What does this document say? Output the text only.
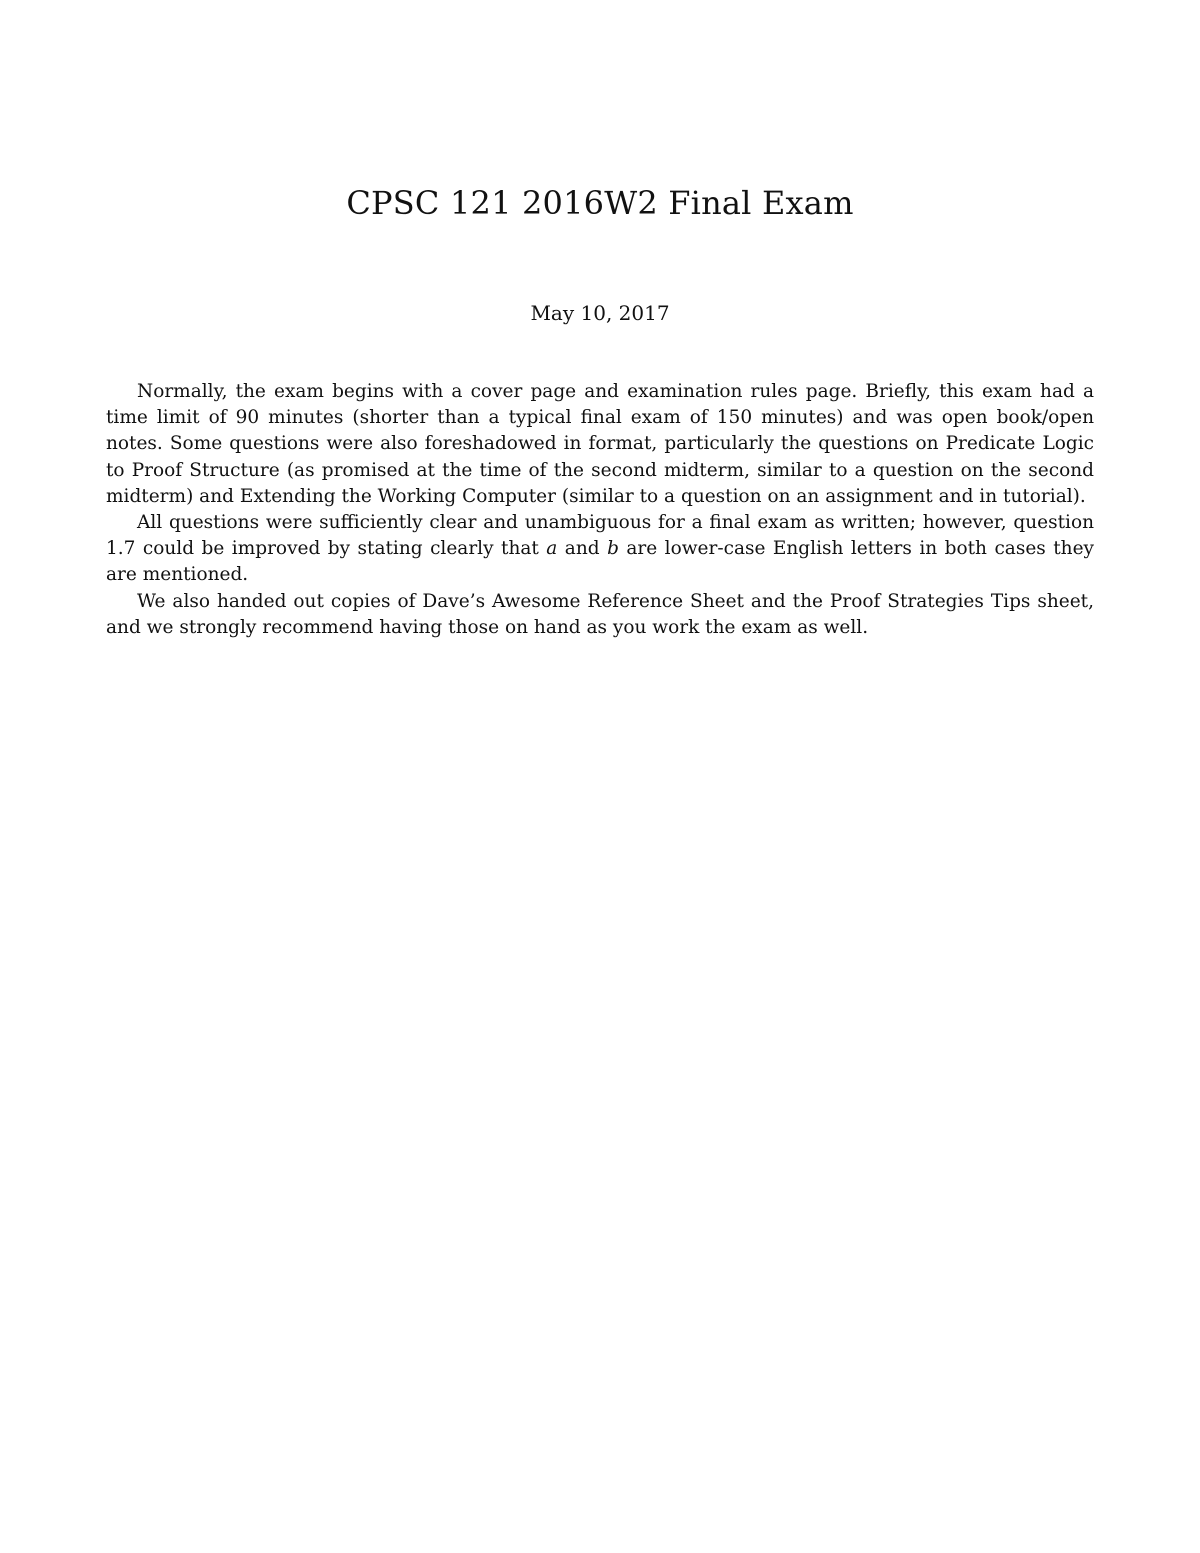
CPSC 121 2016W2 Final Exam
May 10, 2017

Normally, the exam begins with a cover page and examination rules page. Briefly, this exam had a time limit of 90 minutes (shorter than a typical final exam of 150 minutes) and was open book/open notes. Some questions were also foreshadowed in format, particularly the questions on Predicate Logic to Proof Structure (as promised at the time of the second midterm, similar to a question on the second midterm) and Extending the Working Computer (similar to a question on an assignment and in tutorial).

All questions were sufficiently clear and unambiguous for a final exam as written; however, question 1.7 could be improved by stating clearly that a and b are lower-case English letters in both cases they are mentioned.

We also handed out copies of Dave’s Awesome Reference Sheet and the Proof Strategies Tips sheet, and we strongly recommend having those on hand as you work the exam as well.
